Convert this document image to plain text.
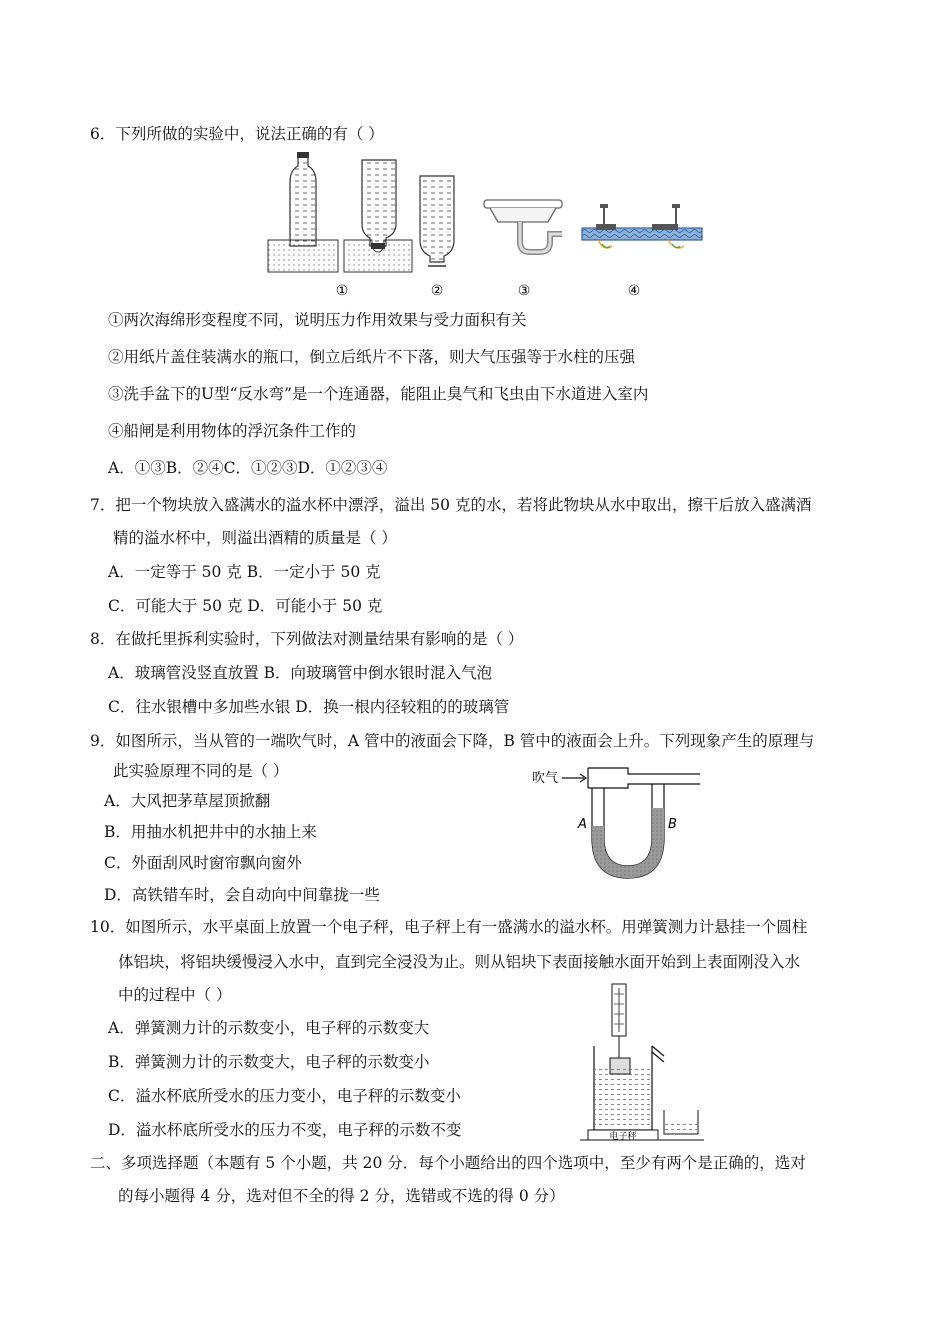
6．下列所做的实验中，说法正确的有（ ）
①	②	③	④
①两次海绵形变程度不同，说明压力作用效果与受力面积有关
②用纸片盖住装满水的瓶口，倒立后纸片不下落，则大气压强等于水柱的压强
③洗手盆下的U型“反水弯”是一个连通器，能阻止臭气和飞虫由下水道进入室内
④船闸是利用物体的浮沉条件工作的
A．①③B．②④C．①②③D．①②③④
7．把一个物块放入盛满水的溢水杯中漂浮，溢出 50 克的水，若将此物块从水中取出，擦干后放入盛满酒
精的溢水杯中，则溢出酒精的质量是（ ）
A．一定等于 50 克 B．一定小于 50 克
C．可能大于 50 克 D．可能小于 50 克
8．在做托里拆利实验时，下列做法对测量结果有影响的是（ ）
A．玻璃管没竖直放置 B．向玻璃管中倒水银时混入气泡
C．往水银槽中多加些水银 D．换一根内径较粗的的玻璃管
9．如图所示，当从管的一端吹气时，A 管中的液面会下降，B 管中的液面会上升。下列现象产生的原理与
此实验原理不同的是（ ）
A．大风把茅草屋顶掀翻
B．用抽水机把井中的水抽上来
C．外面刮风时窗帘飘向窗外
D．高铁错车时，会自动向中间靠拢一些
吹气
A	B
10．如图所示，水平桌面上放置一个电子秤，电子秤上有一盛满水的溢水杯。用弹簧测力计悬挂一个圆柱
体铝块，将铝块缓慢浸入水中，直到完全浸没为止。则从铝块下表面接触水面开始到上表面刚没入水
中的过程中（ ）
A．弹簧测力计的示数变小，电子秤的示数变大
B．弹簧测力计的示数变大，电子秤的示数变小
C．溢水杯底所受水的压力变小，电子秤的示数变小
D．溢水杯底所受水的压力不变，电子秤的示数不变	电子秤
二、多项选择题（本题有 5 个小题，共 20 分．每个小题给出的四个选项中，至少有两个是正确的，选对
的每小题得 4 分，选对但不全的得 2 分，选错或不选的得 0 分）
